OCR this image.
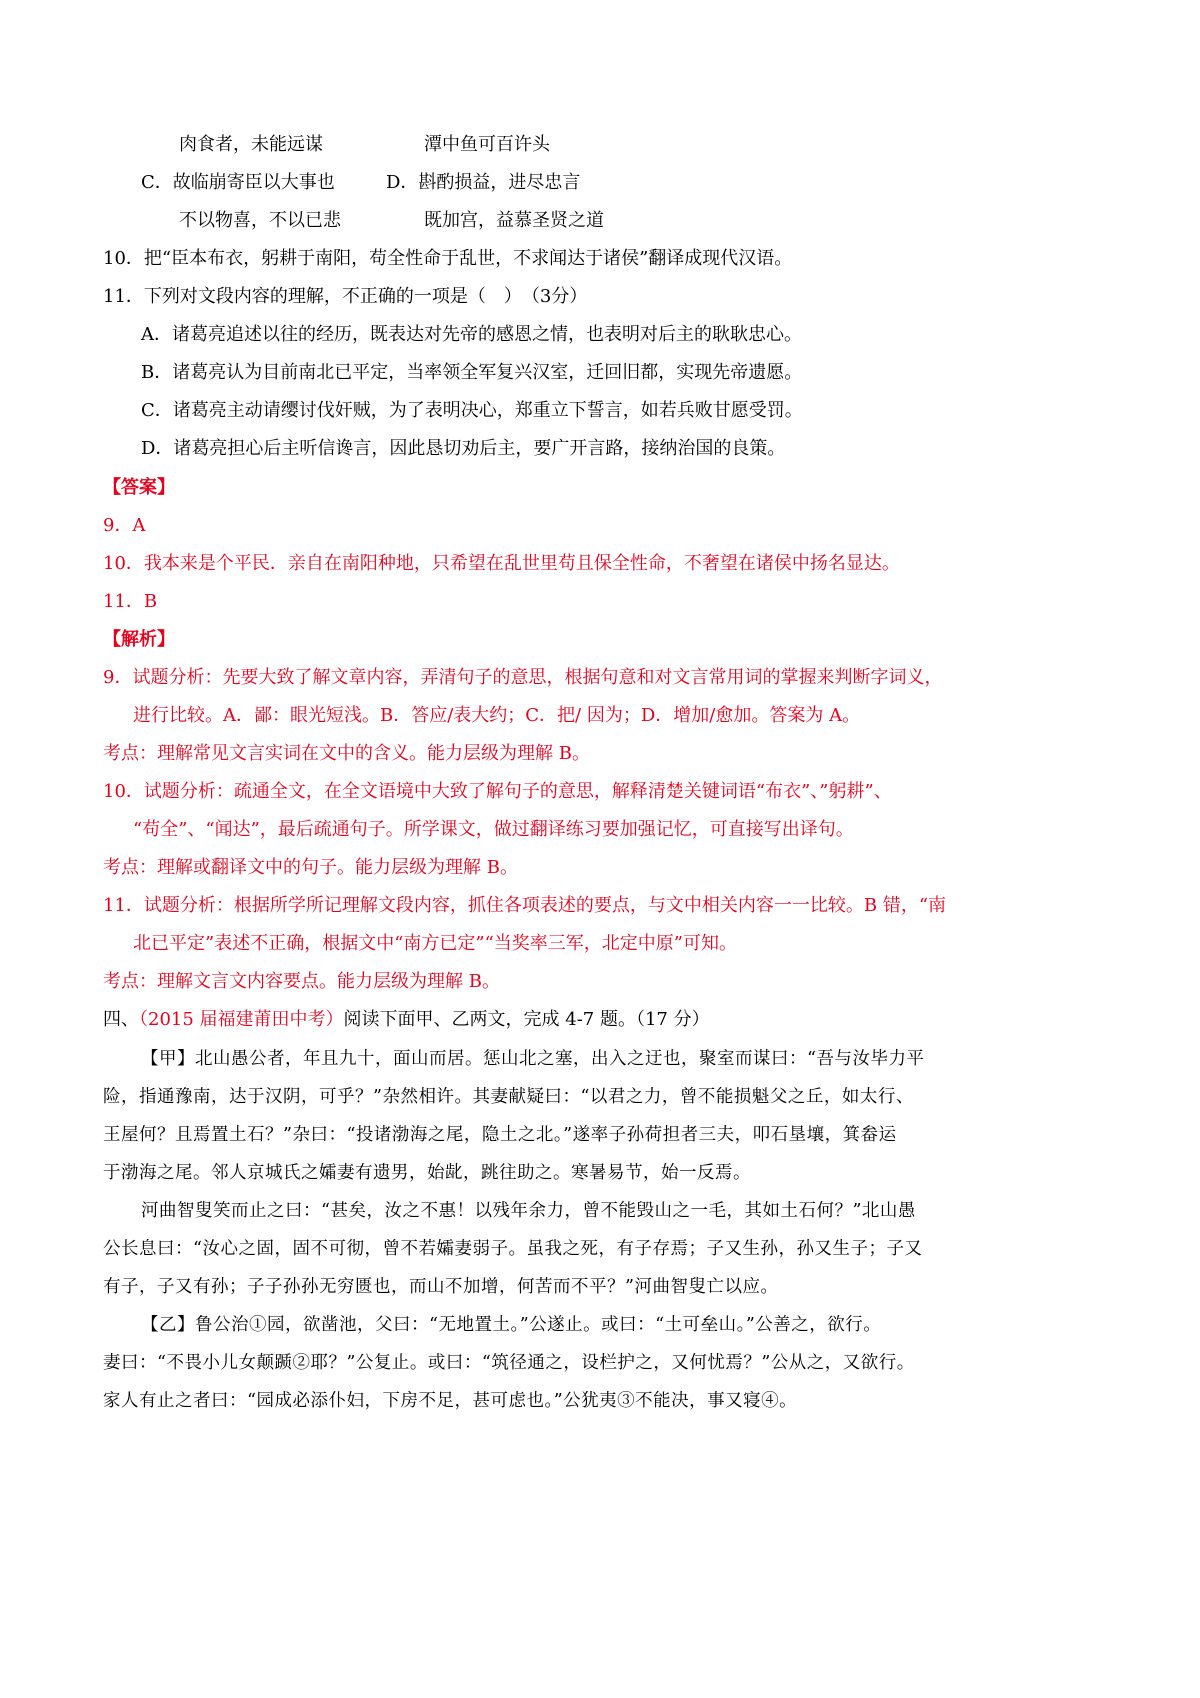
肉食者，未能远谋	潭中鱼可百许头
C．故临崩寄臣以大事也	D．斟酌损益，进尽忠言
不以物喜，不以已悲	既加宫，益慕圣贤之道
10．把“臣本布衣，躬耕于南阳，苟全性命于乱世，不求闻达于诸侯”翻译成现代汉语。
11．下列对文段内容的理解，不正确的一项是（　）　（3分）
A．诸葛亮追述以往的经历，既表达对先帝的感恩之情，也表明对后主的耿耿忠心。
B．诸葛亮认为目前南北已平定，当率领全军复兴汉室，迁回旧都，实现先帝遗愿。
C．诸葛亮主动请缨讨伐奸贼，为了表明决心，郑重立下誓言，如若兵败甘愿受罚。
D．诸葛亮担心后主听信谗言，因此恳切劝后主，要广开言路，接纳治国的良策。
【答案】
9．A
10．我本来是个平民．亲自在南阳种地，只希望在乱世里苟且保全性命，不奢望在诸侯中扬名显达。
11．B
【解析】
9．试题分析：先要大致了解文章内容，弄清句子的意思，根据句意和对文言常用词的掌握来判断字词义，
进行比较。A．鄙：眼光短浅。B．答应/表大约；C．把/ 因为；D．增加/愈加。答案为 A。
考点：理解常见文言实词在文中的含义。能力层级为理解 B。
10．试题分析：疏通全文，在全文语境中大致了解句子的意思，解释清楚关键词语“布衣”、”躬耕”、
“苟全”、“闻达”，最后疏通句子。所学课文，做过翻译练习要加强记忆，可直接写出译句。
考点：理解或翻译文中的句子。能力层级为理解 B。
11．试题分析：根据所学所记理解文段内容，抓住各项表述的要点，与文中相关内容一一比较。B 错，“南
北已平定”表述不正确，根据文中“南方已定”“当奖率三军，北定中原”可知。
考点：理解文言文内容要点。能力层级为理解 B。
四、（2015 届福建莆田中考）阅读下面甲、乙两文，完成 4-7 题。（17 分）
【甲】北山愚公者，年且九十，面山而居。惩山北之塞，出入之迂也，聚室而谋曰：“吾与汝毕力平
险，指通豫南，达于汉阴，可乎？”杂然相许。其妻献疑曰：“以君之力，曾不能损魁父之丘，如太行、
王屋何？且焉置土石？”杂曰：“投诸渤海之尾，隐土之北。”遂率子孙荷担者三夫，叩石垦壤，箕畚运
于渤海之尾。邻人京城氏之孀妻有遗男，始龀，跳往助之。寒暑易节，始一反焉。
河曲智叟笑而止之曰：“甚矣，汝之不惠！以残年余力，曾不能毁山之一毛，其如土石何？”北山愚
公长息曰：“汝心之固，固不可彻，曾不若孀妻弱子。虽我之死，有子存焉；子又生孙，孙又生子；子又
有子，子又有孙；子子孙孙无穷匮也，而山不加增，何苦而不平？”河曲智叟亡以应。
【乙】鲁公治①园，欲凿池，父曰：“无地置土。”公遂止。或曰：“土可垒山。”公善之，欲行。
妻曰：“不畏小儿女颠踬②耶？”公复止。或曰：“筑径通之，设栏护之，又何忧焉？”公从之，又欲行。
家人有止之者曰：“园成必添仆妇，下房不足，甚可虑也。”公犹夷③不能决，事又寝④。
